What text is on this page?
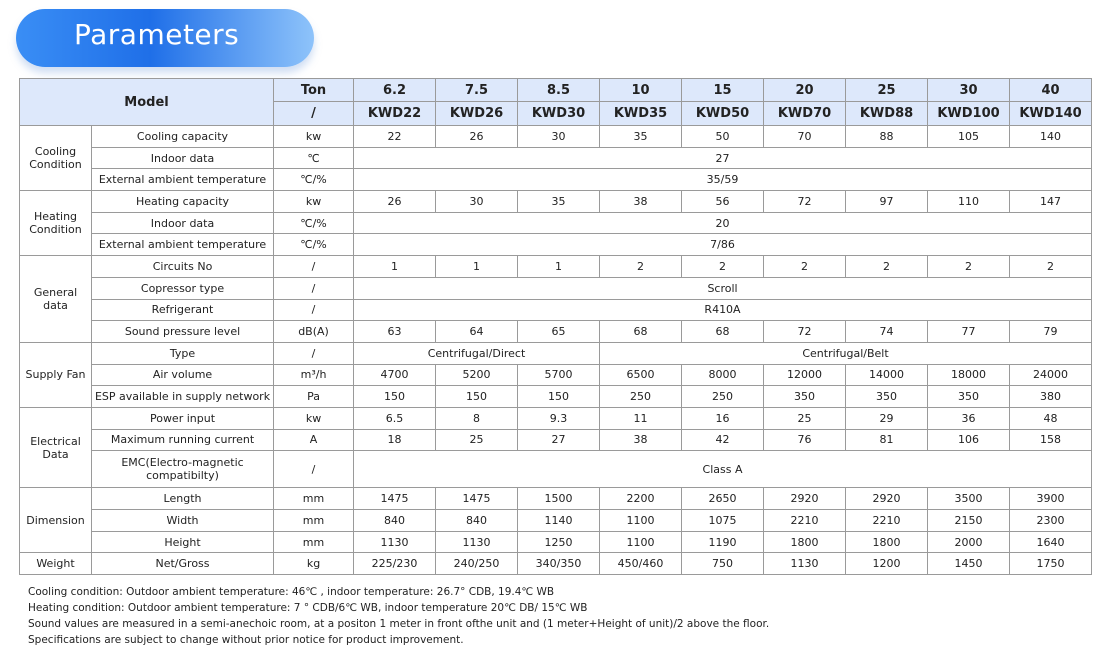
Parameters
Model		Ton	6.2	7.5	8.5	10	15	20	25	30	40
		/	KWD22	KWD26	KWD30	KWD35	KWD50	KWD70	KWD88	KWD100	KWD140
Cooling Condition	Cooling capacity	kw	22	26	30	35	50	70	88	105	140
	Indoor data	℃	27								
	External ambient temperature	℃/%	35/59								
Heating Condition	Heating capacity	kw	26	30	35	38	56	72	97	110	147
	Indoor data	℃/%	20								
	External ambient temperature	℃/%	7/86								
General data	Circuits No	/	1	1	1	2	2	2	2	2	2
	Copressor type	/	Scroll								
	Refrigerant	/	R410A								
	Sound pressure level	dB(A)	63	64	65	68	68	72	74	77	79
Supply Fan	Type	/	Centrifugal/Direct			Centrifugal/Belt					
	Air volume	m³/h	4700	5200	5700	6500	8000	12000	14000	18000	24000
	ESP available in supply network	Pa	150	150	150	250	250	350	350	350	380
Electrical Data	Power input	kw	6.5	8	9.3	11	16	25	29	36	48
	Maximum running current	A	18	25	27	38	42	76	81	106	158
	EMC(Electro-magnetic compatibilty)	/	Class A								
Dimension	Length	mm	1475	1475	1500	2200	2650	2920	2920	3500	3900
	Width	mm	840	840	1140	1100	1075	2210	2210	2150	2300
	Height	mm	1130	1130	1250	1100	1190	1800	1800	2000	1640
Weight	Net/Gross	kg	225/230	240/250	340/350	450/460	750	1130	1200	1450	1750
Cooling condition: Outdoor ambient temperature: 46℃ , indoor temperature: 26.7° CDB, 19.4℃ WB
Heating condition: Outdoor ambient temperature: 7 ° CDB/6℃ WB, indoor temperature 20℃ DB/ 15℃ WB
Sound values are measured in a semi-anechoic room, at a positon 1 meter in front ofthe unit and (1 meter+Height of unit)/2 above the floor.
Specifications are subject to change without prior notice for product improvement.
